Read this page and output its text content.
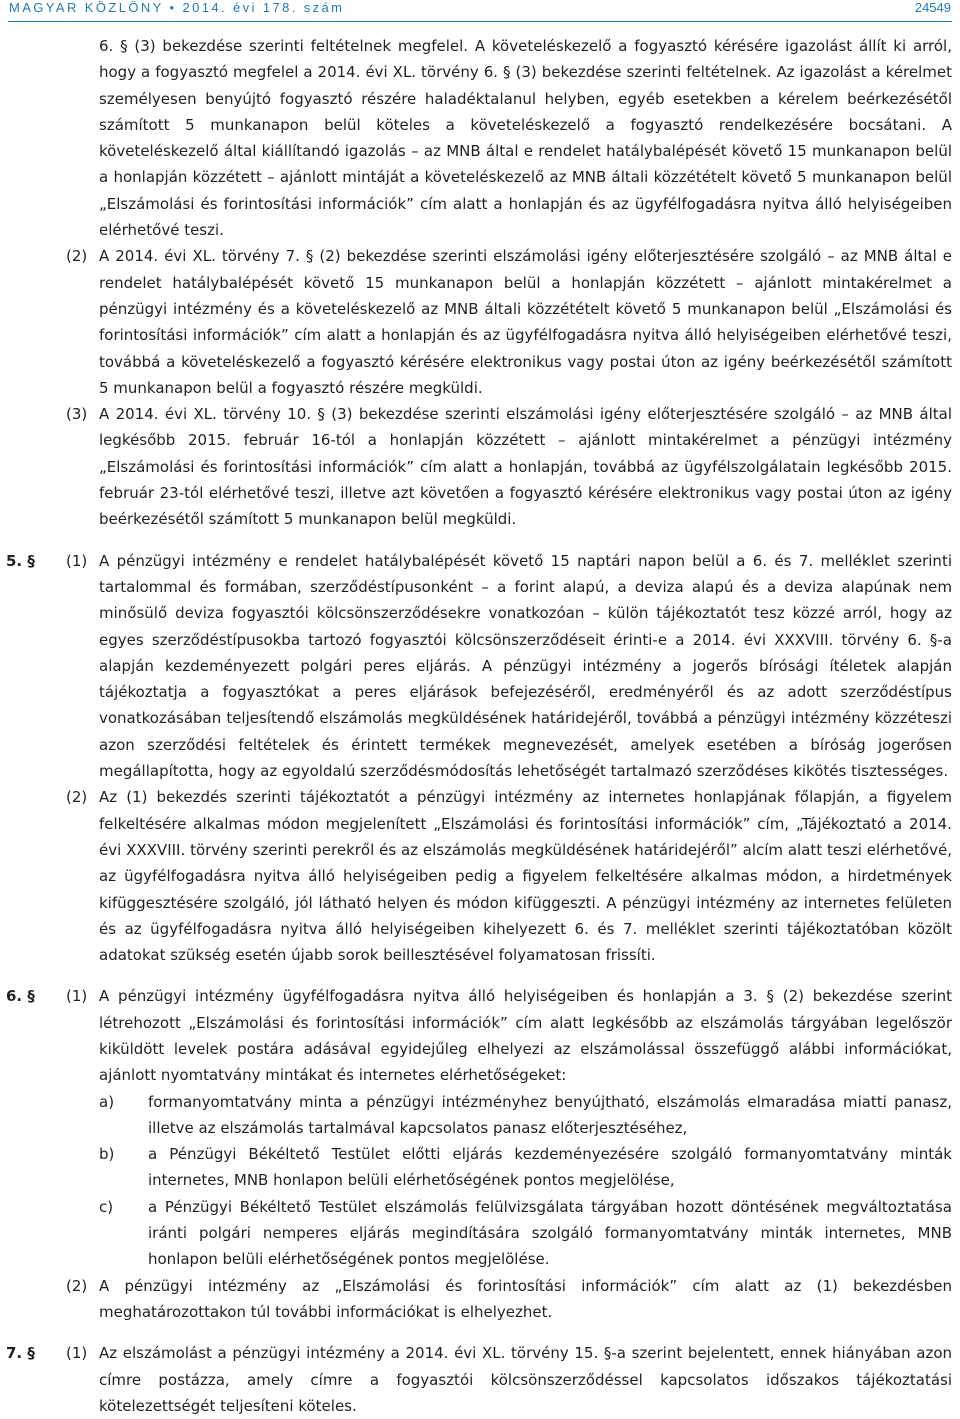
MAGYAR KÖZLÖNY • 2014. évi 178. szám	24549

6. § (3) bekezdése szerinti feltételnek megfelel. A követeléskezelő a fogyasztó kérésére igazolást állít ki arról, hogy a fogyasztó megfelel a 2014. évi XL. törvény 6. § (3) bekezdése szerinti feltételnek. Az igazolást a kérelmet személyesen benyújtó fogyasztó részére haladéktalanul helyben, egyéb esetekben a kérelem beérkezésétől számított 5 munkanapon belül köteles a követeléskezelő a fogyasztó rendelkezésére bocsátani. A követeléskezelő által kiállítandó igazolás – az MNB által e rendelet hatálybalépését követő 15 munkanapon belül a honlapján közzétett – ajánlott mintáját a követeléskezelő az MNB általi közzétételt követő 5 munkanapon belül „Elszámolási és forintosítási információk” cím alatt a honlapján és az ügyfélfogadásra nyitva álló helyiségeiben elérhetővé teszi.

(2) A 2014. évi XL. törvény 7. § (2) bekezdése szerinti elszámolási igény előterjesztésére szolgáló – az MNB által e rendelet hatálybalépését követő 15 munkanapon belül a honlapján közzétett – ajánlott mintakérelmet a pénzügyi intézmény és a követeléskezelő az MNB általi közzétételt követő 5 munkanapon belül „Elszámolási és forintosítási információk” cím alatt a honlapján és az ügyfélfogadásra nyitva álló helyiségeiben elérhetővé teszi, továbbá a követeléskezelő a fogyasztó kérésére elektronikus vagy postai úton az igény beérkezésétől számított 5 munkanapon belül a fogyasztó részére megküldi.

(3) A 2014. évi XL. törvény 10. § (3) bekezdése szerinti elszámolási igény előterjesztésére szolgáló – az MNB által legkésőbb 2015. február 16-tól a honlapján közzétett – ajánlott mintakérelmet a pénzügyi intézmény „Elszámolási és forintosítási információk” cím alatt a honlapján, továbbá az ügyfélszolgálatain legkésőbb 2015. február 23-tól elérhetővé teszi, illetve azt követően a fogyasztó kérésére elektronikus vagy postai úton az igény beérkezésétől számított 5 munkanapon belül megküldi.

5. § (1) A pénzügyi intézmény e rendelet hatálybalépését követő 15 naptári napon belül a 6. és 7. melléklet szerinti tartalommal és formában, szerződéstípusonként – a forint alapú, a deviza alapú és a deviza alapúnak nem minősülő deviza fogyasztói kölcsönszerződésekre vonatkozóan – külön tájékoztatót tesz közzé arról, hogy az egyes szerződéstípusokba tartozó fogyasztói kölcsönszerződéseit érinti-e a 2014. évi XXXVIII. törvény 6. §-a alapján kezdeményezett polgári peres eljárás. A pénzügyi intézmény a jogerős bírósági ítéletek alapján tájékoztatja a fogyasztókat a peres eljárások befejezéséről, eredményéről és az adott szerződéstípus vonatkozásában teljesítendő elszámolás megküldésének határidejéről, továbbá a pénzügyi intézmény közzéteszi azon szerződési feltételek és érintett termékek megnevezését, amelyek esetében a bíróság jogerősen megállapította, hogy az egyoldalú szerződésmódosítás lehetőségét tartalmazó szerződéses kikötés tisztességes.

(2) Az (1) bekezdés szerinti tájékoztatót a pénzügyi intézmény az internetes honlapjának főlapján, a figyelem felkeltésére alkalmas módon megjelenített „Elszámolási és forintosítási információk” cím, „Tájékoztató a 2014. évi XXXVIII. törvény szerinti perekről és az elszámolás megküldésének határidejéről” alcím alatt teszi elérhetővé, az ügyfélfogadásra nyitva álló helyiségeiben pedig a figyelem felkeltésére alkalmas módon, a hirdetmények kifüggesztésére szolgáló, jól látható helyen és módon kifüggeszti. A pénzügyi intézmény az internetes felületen és az ügyfélfogadásra nyitva álló helyiségeiben kihelyezett 6. és 7. melléklet szerinti tájékoztatóban közölt adatokat szükség esetén újabb sorok beillesztésével folyamatosan frissíti.

6. § (1) A pénzügyi intézmény ügyfélfogadásra nyitva álló helyiségeiben és honlapján a 3. § (2) bekezdése szerint létrehozott „Elszámolási és forintosítási információk” cím alatt legkésőbb az elszámolás tárgyában legelőször kiküldött levelek postára adásával egyidejűleg elhelyezi az elszámolással összefüggő alábbi információkat, ajánlott nyomtatvány mintákat és internetes elérhetőségeket:

a) formanyomtatvány minta a pénzügyi intézményhez benyújtható, elszámolás elmaradása miatti panasz, illetve az elszámolás tartalmával kapcsolatos panasz előterjesztéséhez,

b) a Pénzügyi Békéltető Testület előtti eljárás kezdeményezésére szolgáló formanyomtatvány minták internetes, MNB honlapon belüli elérhetőségének pontos megjelölése,

c) a Pénzügyi Békéltető Testület elszámolás felülvizsgálata tárgyában hozott döntésének megváltoztatása iránti polgári nemperes eljárás megindítására szolgáló formanyomtatvány minták internetes, MNB honlapon belüli elérhetőségének pontos megjelölése.

(2) A pénzügyi intézmény az „Elszámolási és forintosítási információk” cím alatt az (1) bekezdésben meghatározottakon túl további információkat is elhelyezhet.

7. § (1) Az elszámolást a pénzügyi intézmény a 2014. évi XL. törvény 15. §-a szerint bejelentett, ennek hiányában azon címre postázza, amely címre a fogyasztói kölcsönszerződéssel kapcsolatos időszakos tájékoztatási kötelezettségét teljesíteni köteles.
